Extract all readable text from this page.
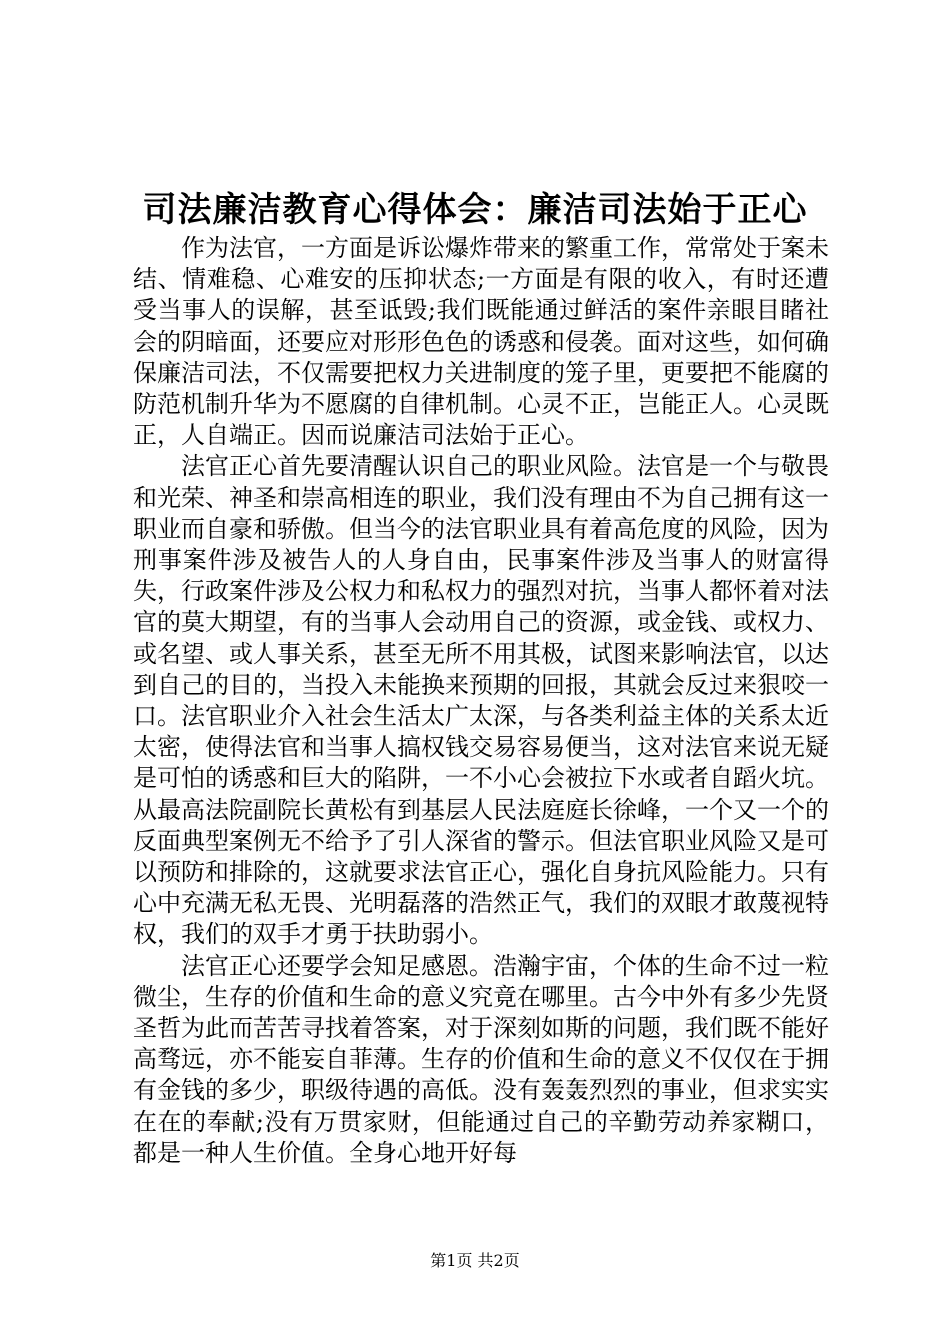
司法廉洁教育心得体会：廉洁司法始于正心

作为法官，一方面是诉讼爆炸带来的繁重工作，常常处于案未结、情难稳、心难安的压抑状态;一方面是有限的收入，有时还遭受当事人的误解，甚至诋毁;我们既能通过鲜活的案件亲眼目睹社会的阴暗面，还要应对形形色色的诱惑和侵袭。面对这些，如何确保廉洁司法，不仅需要把权力关进制度的笼子里，更要把不能腐的防范机制升华为不愿腐的自律机制。心灵不正，岂能正人。心灵既正，人自端正。因而说廉洁司法始于正心。

法官正心首先要清醒认识自己的职业风险。法官是一个与敬畏和光荣、神圣和崇高相连的职业，我们没有理由不为自己拥有这一职业而自豪和骄傲。但当今的法官职业具有着高危度的风险，因为刑事案件涉及被告人的人身自由，民事案件涉及当事人的财富得失，行政案件涉及公权力和私权力的强烈对抗，当事人都怀着对法官的莫大期望，有的当事人会动用自己的资源，或金钱、或权力、或名望、或人事关系，甚至无所不用其极，试图来影响法官，以达到自己的目的，当投入未能换来预期的回报，其就会反过来狠咬一口。法官职业介入社会生活太广太深，与各类利益主体的关系太近太密，使得法官和当事人搞权钱交易容易便当，这对法官来说无疑是可怕的诱惑和巨大的陷阱，一不小心会被拉下水或者自蹈火坑。从最高法院副院长黄松有到基层人民法庭庭长徐峰，一个又一个的反面典型案例无不给予了引人深省的警示。但法官职业风险又是可以预防和排除的，这就要求法官正心，强化自身抗风险能力。只有心中充满无私无畏、光明磊落的浩然正气，我们的双眼才敢蔑视特权，我们的双手才勇于扶助弱小。

法官正心还要学会知足感恩。浩瀚宇宙，个体的生命不过一粒微尘，生存的价值和生命的意义究竟在哪里。古今中外有多少先贤圣哲为此而苦苦寻找着答案，对于深刻如斯的问题，我们既不能好高骛远，亦不能妄自菲薄。生存的价值和生命的意义不仅仅在于拥有金钱的多少，职级待遇的高低。没有轰轰烈烈的事业，但求实实在在的奉献;没有万贯家财，但能通过自己的辛勤劳动养家糊口，都是一种人生价值。全身心地开好每

第1页 共2页
